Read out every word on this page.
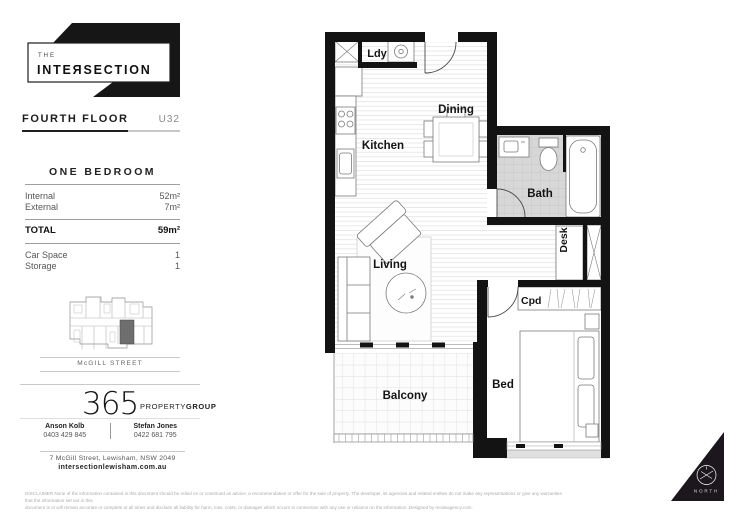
THE
INTEЯSECTION
FOURTH FLOOR	U32
ONE BEDROOM
Internal	52m²
External	7m²
TOTAL	59m²
Car Space	1
Storage	1
McGILL STREET
365 PROPERTYGROUP
Anson Kolb
0403 429 845
Stefan Jones
0422 681 795
7 McGill Street, Lewisham, NSW 2049
intersectionlewisham.com.au
DISCLAIMER None of the information contained in this document should be relied on or construed as advice, a recommendation or offer for the sale of property. The developer, its agencies and related entities do not make any representations or give any warranties that the information set out in this
document is or will remain accurate or complete at all times and disclaim all liability for harm, loss, costs, or damages which occurs in connection with any use or reliance on the information. Designed by modeagency.com.
Ldy
Dining
Kitchen
Bath
Desk
Living
Cpd
Bed
Balcony
NORTH
